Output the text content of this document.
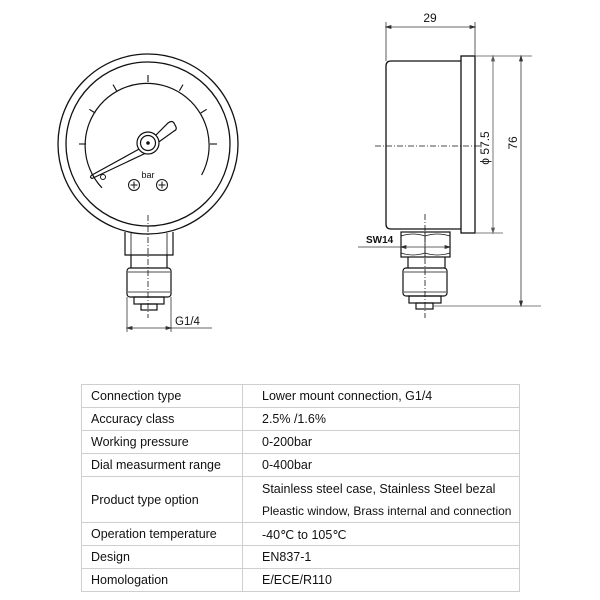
bar
G1/4
29
ϕ 57.5 76
SW14
Connection type	Lower mount connection, G1/4
Accuracy class	2.5% /1.6%
Working pressure	0-200bar
Dial measurment range	0-400bar
Product type option	Stainless steel case, Stainless Steel bezal
Pleastic window, Brass internal and connection

Operation temperature	-40℃ to 105℃
Design	EN837-1
Homologation	E/ECE/R110
